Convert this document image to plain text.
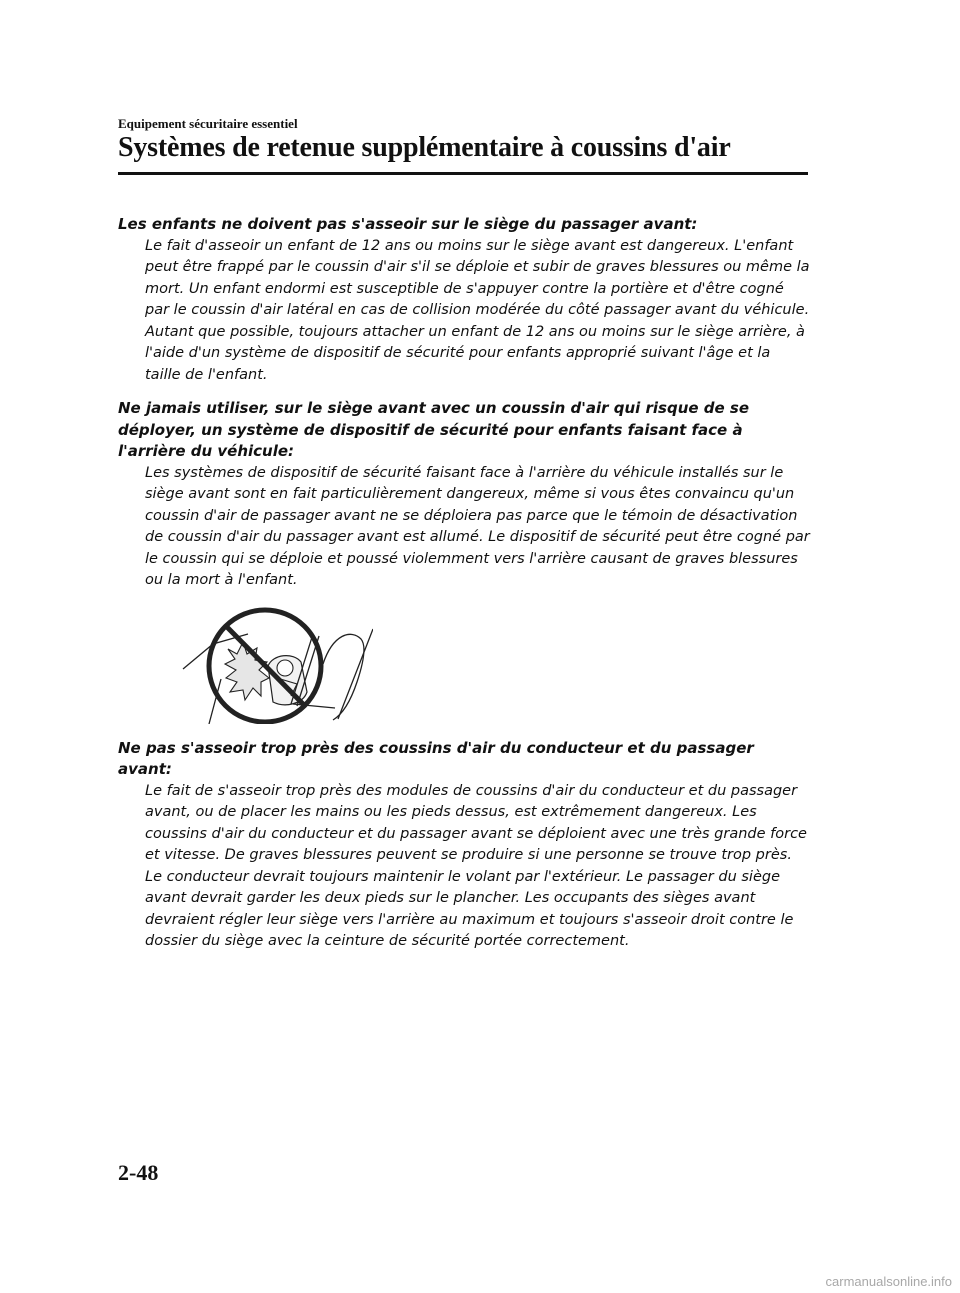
Equipement sécuritaire essentiel
Systèmes de retenue supplémentaire à coussins d'air
Les enfants ne doivent pas s'asseoir sur le siège du passager avant:
Le fait d'asseoir un enfant de 12 ans ou moins sur le siège avant est dangereux. L'enfant peut être frappé par le coussin d'air s'il se déploie et subir de graves blessures ou même la mort. Un enfant endormi est susceptible de s'appuyer contre la portière et d'être cogné par le coussin d'air latéral en cas de collision modérée du côté passager avant du véhicule. Autant que possible, toujours attacher un enfant de 12 ans ou moins sur le siège arrière, à l'aide d'un système de dispositif de sécurité pour enfants approprié suivant l'âge et la taille de l'enfant.
Ne jamais utiliser, sur le siège avant avec un coussin d'air qui risque de se déployer, un système de dispositif de sécurité pour enfants faisant face à l'arrière du véhicule:
Les systèmes de dispositif de sécurité faisant face à l'arrière du véhicule installés sur le siège avant sont en fait particulièrement dangereux, même si vous êtes convaincu qu'un coussin d'air de passager avant ne se déploiera pas parce que le témoin de désactivation de coussin d'air du passager avant est allumé. Le dispositif de sécurité peut être cogné par le coussin qui se déploie et poussé violemment vers l'arrière causant de graves blessures ou la mort à l'enfant.
Ne pas s'asseoir trop près des coussins d'air du conducteur et du passager avant:
Le fait de s'asseoir trop près des modules de coussins d'air du conducteur et du passager avant, ou de placer les mains ou les pieds dessus, est extrêmement dangereux. Les coussins d'air du conducteur et du passager avant se déploient avec une très grande force et vitesse. De graves blessures peuvent se produire si une personne se trouve trop près. Le conducteur devrait toujours maintenir le volant par l'extérieur. Le passager du siège avant devrait garder les deux pieds sur le plancher. Les occupants des sièges avant devraient régler leur siège vers l'arrière au maximum et toujours s'asseoir droit contre le dossier du siège avec la ceinture de sécurité portée correctement.
2-48
carmanualsonline.info
